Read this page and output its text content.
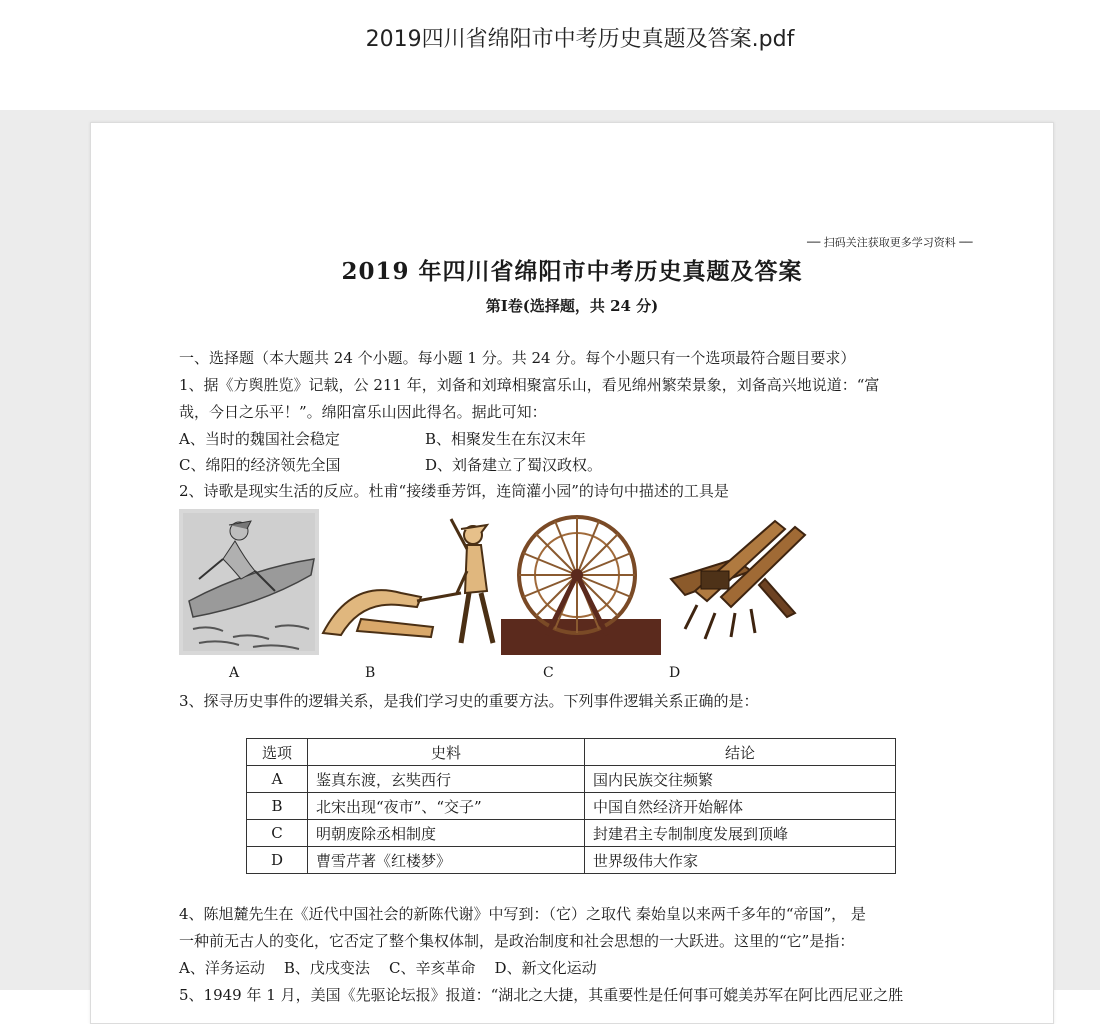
2019四川省绵阳市中考历史真题及答案.pdf
── 扫码关注获取更多学习资料 ──
2019 年四川省绵阳市中考历史真题及答案
第Ⅰ卷(选择题，共 24 分)
一、选择题（本大题共 24 个小题。每小题 1 分。共 24 分。每个小题只有一个选项最符合题目要求）
1、据《方舆胜览》记载，公 211 年，刘备和刘璋相聚富乐山，看见绵州繁荣景象，刘备高兴地说道：“富
哉，今日之乐平！”。绵阳富乐山因此得名。据此可知：
A、当时的魏国社会稳定	B、相聚发生在东汉末年
C、绵阳的经济领先全国	D、刘备建立了蜀汉政权。
2、诗歌是现实生活的反应。杜甫“接缕垂芳饵，连筒灌小园”的诗句中描述的工具是
A	B	C	D
3、探寻历史事件的逻辑关系，是我们学习史的重要方法。下列事件逻辑关系正确的是：
选项	史料	结论
A	鉴真东渡，玄奘西行	国内民族交往频繁
B	北宋出现“夜市”、“交子”	中国自然经济开始解体
C	明朝废除丞相制度	封建君主专制制度发展到顶峰
D	曹雪芹著《红楼梦》	世界级伟大作家
4、陈旭麓先生在《近代中国社会的新陈代谢》中写到：（它）之取代 秦始皇以来两千多年的“帝国”， 是
一种前无古人的变化，它否定了整个集权体制，是政治制度和社会思想的一大跃进。这里的“它”是指：
A、洋务运动    B、戊戌变法    C、辛亥革命    D、新文化运动
5、1949 年 1 月，美国《先驱论坛报》报道：“湖北之大捷，其重要性是任何事可媲美苏军在阿比西尼亚之胜
